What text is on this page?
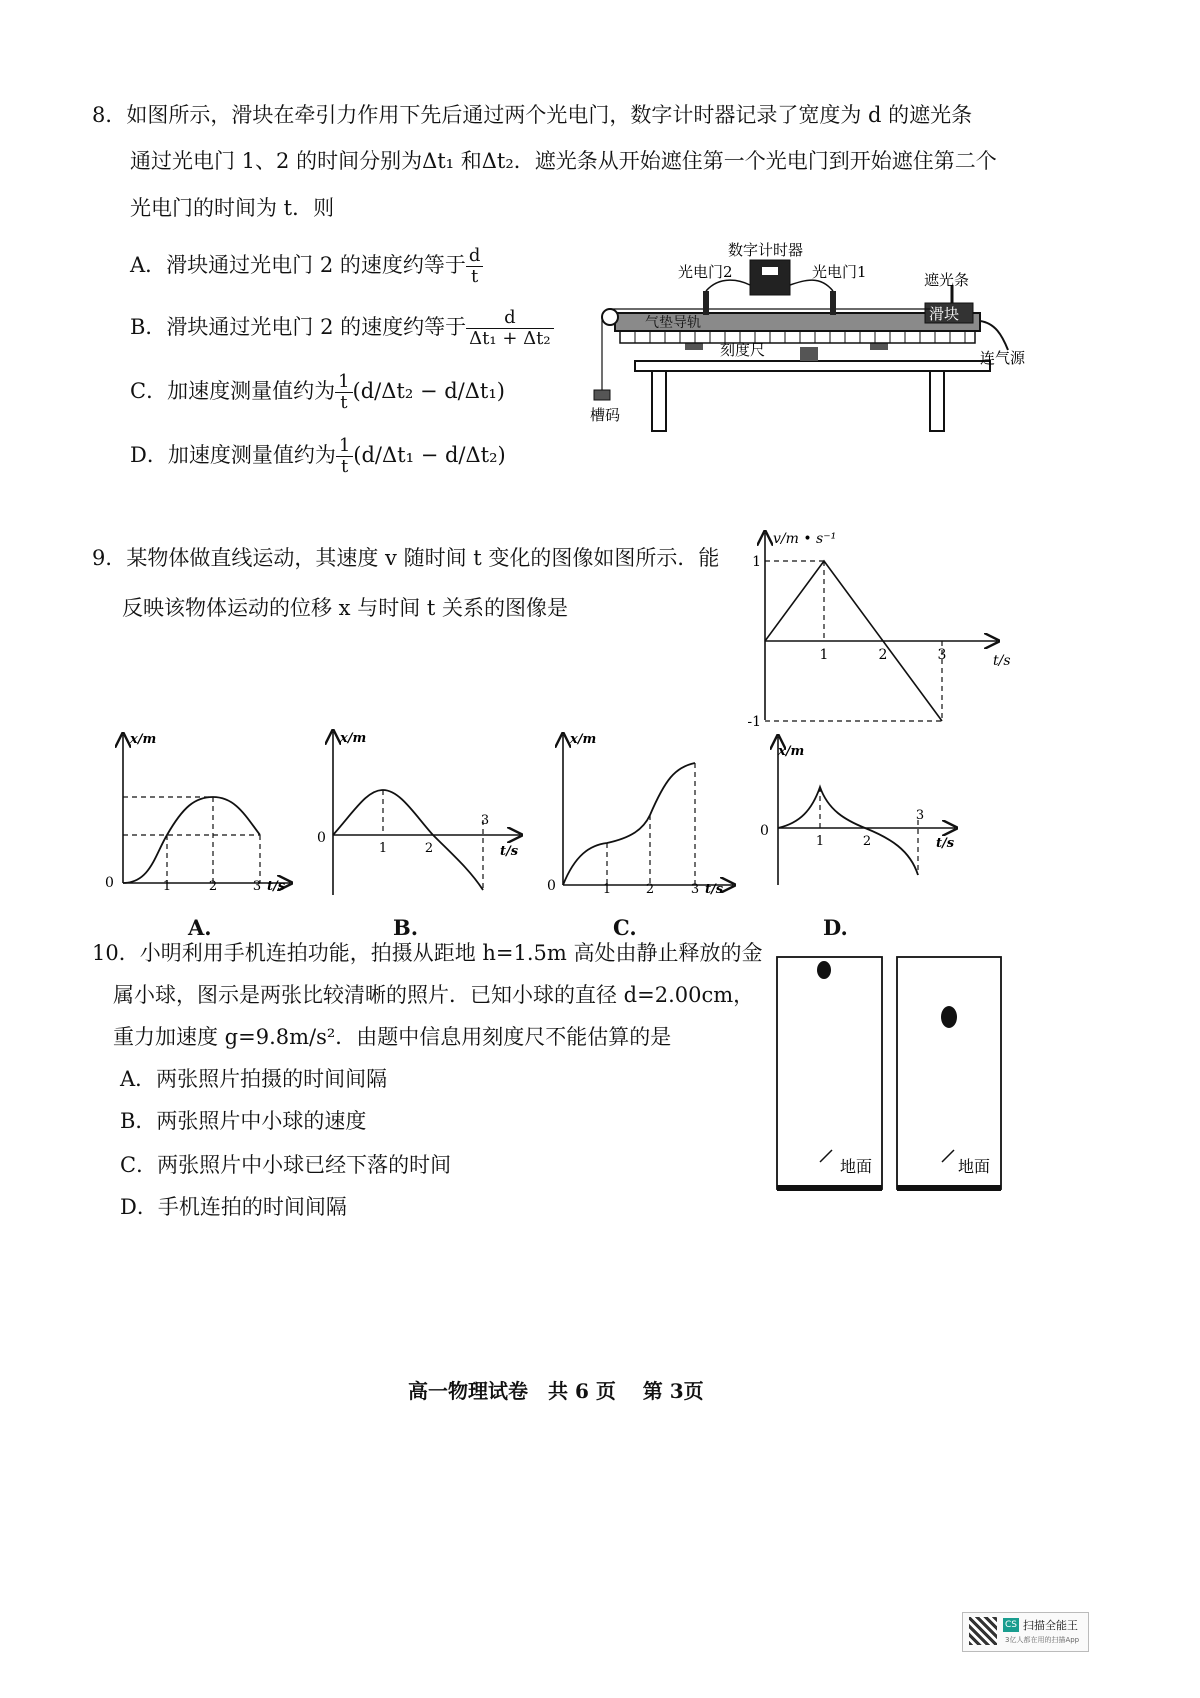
8．如图所示，滑块在牵引力作用下先后通过两个光电门，数字计时器记录了宽度为 d 的遮光条
通过光电门 1、2 的时间分别为Δt₁ 和Δt₂．遮光条从开始遮住第一个光电门到开始遮住第二个
光电门的时间为 t．则
A．滑块通过光电门 2 的速度约等于 $\frac{d}{t}$
B．滑块通过光电门 2 的速度约等于 $\frac{d}{\text{Δt₁ + Δt₂}}$
C．加速度测量值约为 $\frac{1}{t} (d/\Delta t_2 - d/\Delta t_1)$
D．加速度测量值约为 $\frac{1}{t} (d/\Delta t_1 - d/\Delta t_2)$
气垫导轨	滑块
数字计时器
光电门2	光电门1	遮光条
刻度尺	连气源
槽码
9．某物体做直线运动，其速度 v 随时间 t 变化的图像如图所示．能
反映该物体运动的位移 x 与时间 t 关系的图像是
v/m • s⁻¹
t/s
1	2	3
1
-1
x/m
0	1	2	3 t/s
A.
x/m
0
1	2
3
t/s
B.
x/m
0	1	2	3 t/s
C.
x/m
0
1	2
3
t/s
D.
10．小明利用手机连拍功能，拍摄从距地 h=1.5m 高处由静止释放的金
属小球，图示是两张比较清晰的照片．已知小球的直径 d=2.00cm，
重力加速度 g=9.8m/s²．由题中信息用刻度尺不能估算的是
A．两张照片拍摄的时间间隔
B．两张照片中小球的速度
C．两张照片中小球已经下落的时间
D．手机连拍的时间间隔
地面	地面
高一物理试卷　共 6 页　 第 3页
CS 扫描全能王
3亿人都在用的扫描App
